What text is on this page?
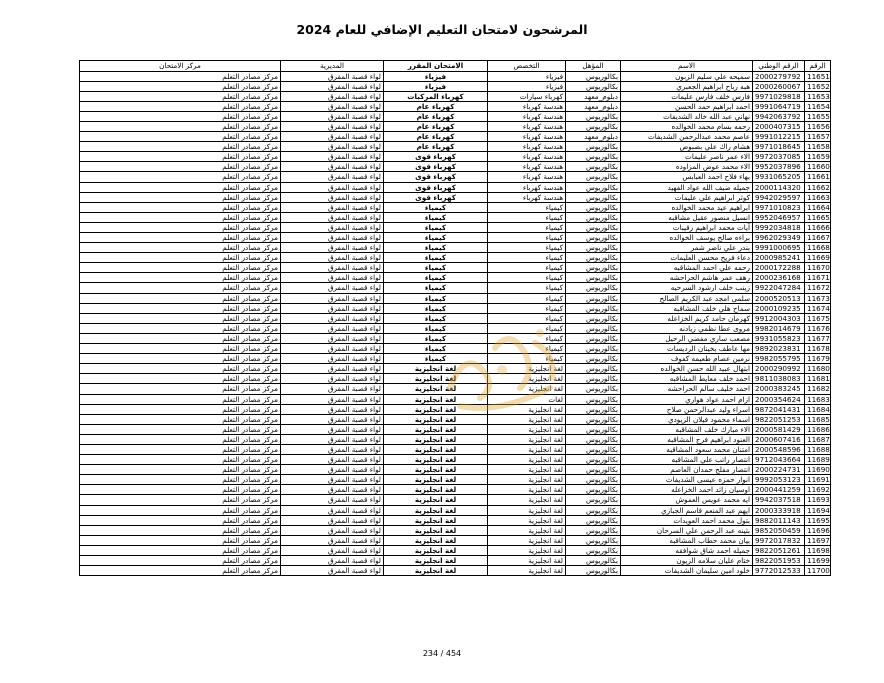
المرشحون لامتحان التعليم الإضافي للعام 2024
الرقم	الرقم الوطني	الاسم	المؤهل	التخصص	الامتحان المقرر	المديرية	مركز الامتحان
11651	2000279792	سميحه علي سليم الزبون	بكالوريوس	فيزياء	فيزياء	لواء قصبة المفرق	مركز مصادر التعلم
11652	2000260067	هبه رباح ابراهيم الجعبري	بكالوريوس	فيزياء	فيزياء	لواء قصبة المفرق	مركز مصادر التعلم
11653	9971029818	فارس خلف فارس عليمات	دبلوم_معهد	كهرباء سيارات	كهرباء المركبات	لواء قصبة المفرق	مركز مصادر التعلم
11654	9991064719	احمد ابراهيم حمد الحسن	دبلوم_معهد	هندسة كهرباء	كهرباء عام	لواء قصبة المفرق	مركز مصادر التعلم
11655	9942063792	نهاني عبد الله خالد الشديفات	بكالوريوس	هندسة كهرباء	كهرباء عام	لواء قصبة المفرق	مركز مصادر التعلم
11656	2000407315	رحمه بسام محمد الخوالده	بكالوريوس	هندسة كهرباء	كهرباء عام	لواء قصبة المفرق	مركز مصادر التعلم
11657	9991012215	عاصم محمد عبدالرحمن الشديفات	دبلوم_معهد	هندسة كهرباء	كهرباء عام	لواء قصبة المفرق	مركز مصادر التعلم
11658	9971018645	هشام راك علي بصبوص	بكالوريوس	هندسة كهرباء	كهرباء عام	لواء قصبة المفرق	مركز مصادر التعلم
11659	9972037085	الاء عمر ناصر عليمات	بكالوريوس	هندسة كهرباء	كهرباء قوى	لواء قصبة المفرق	مركز مصادر التعلم
11660	9952037896	الاء محمد عوض المزاوده	بكالوريوس	هندسة كهرباء	كهرباء قوى	لواء قصبة المفرق	مركز مصادر التعلم
11661	9931065205	بهاء فلاح احمد العبابس	بكالوريوس	هندسة كهرباء	كهرباء قوى	لواء قصبة المفرق	مركز مصادر التعلم
11662	2000114320	جميله ضيف الله عواد الفهيد	بكالوريوس	هندسة كهرباء	كهرباء قوى	لواء قصبة المفرق	مركز مصادر التعلم
11663	9942029597	كوثر ابراهيم علي عليمات	بكالوريوس	هندسة كهرباء	كهرباء قوى	لواء قصبة المفرق	مركز مصادر التعلم
11664	9971010823	ابراهيم عيد محمد الخوالده	بكالوريوس	كيمياء	كيمياء	لواء قصبة المفرق	مركز مصادر التعلم
11665	9952046957	انسيل منصور عقيل مشاقبه	بكالوريوس	كيمياء	كيمياء	لواء قصبة المفرق	مركز مصادر التعلم
11666	9992034818	آيات محمد ابراهيم رقيبات	بكالوريوس	كيمياء	كيمياء	لواء قصبة المفرق	مركز مصادر التعلم
11667	9962029349	براءه صالح يوسف الخوالده	بكالوريوس	كيمياء	كيمياء	لواء قصبة المفرق	مركز مصادر التعلم
11668	9991000695	بندر علي ناصر شمر	بكالوريوس	كيمياء	كيمياء	لواء قصبة المفرق	مركز مصادر التعلم
11669	2000985241	دعاء فريح محسن العليمات	بكالوريوس	كيمياء	كيمياء	لواء قصبة المفرق	مركز مصادر التعلم
11670	2000172288	رحمه علي احمد المشاقبه	بكالوريوس	كيمياء	كيمياء	لواء قصبة المفرق	مركز مصادر التعلم
11671	2000236168	رهف عمر هاشم الحراحشه	بكالوريوس	كيمياء	كيمياء	لواء قصبة المفرق	مركز مصادر التعلم
11672	9922047284	زينب خلف ارشود السرحيه	بكالوريوس	كيمياء	كيمياء	لواء قصبة المفرق	مركز مصادر التعلم
11673	2000520513	سلمى امجد عبد الكريم الصالح	بكالوريوس	كيمياء	كيمياء	لواء قصبة المفرق	مركز مصادر التعلم
11674	2000109235	سماح هلي خلف المشاقبه	بكالوريوس	كيمياء	كيمياء	لواء قصبة المفرق	مركز مصادر التعلم
11675	9912004303	كهرمان حامد كريم الخزاعله	بكالوريوس	كيمياء	كيمياء	لواء قصبة المفرق	مركز مصادر التعلم
11676	9982014679	مروى عطا نظمي زيادنه	بكالوريوس	كيمياء	كيمياء	لواء قصبة المفرق	مركز مصادر التعلم
11677	9931055823	مصعب ساري مفضي الرحيل	بكالوريوس	كيمياء	كيمياء	لواء قصبة المفرق	مركز مصادر التعلم
11678	9892023831	مها عاطف بخيتان الرديسات	بكالوريوس	كيمياء	كيمياء	لواء قصبة المفرق	مركز مصادر التعلم
11679	9982055795	نرمين عصام طعيمه كفوف	بكالوريوس	كيمياء	كيمياء	لواء قصبة المفرق	مركز مصادر التعلم
11680	2000290992	ابتهال عبيد الله حسن الخوالده	بكالوريوس	لغة انجليزية	لغة انجليزية	لواء قصبة المفرق	مركز مصادر التعلم
11681	9811038083	احمد خلف معايط المشاقبه	بكالوريوس	لغة انجليزية	لغة انجليزية	لواء قصبة المفرق	مركز مصادر التعلم
11682	2000383245	احمد خليف سالم الحراحشه	بكالوريوس	لغة انجليزية	لغة انجليزية	لواء قصبة المفرق	مركز مصادر التعلم
11683	2000354624	ازام احمد عواد هواري	بكالوريوس	لغات	لغة انجليزية	لواء قصبة المفرق	مركز مصادر التعلم
11684	9872041431	اسراء وليد عبدالرحمن صلاح	بكالوريوس	لغة انجليزية	لغة انجليزية	لواء قصبة المفرق	مركز مصادر التعلم
11685	9822051253	اسماء محمود فيلان الزيودي	بكالوريوس	لغة انجليزية	لغة انجليزية	لواء قصبة المفرق	مركز مصادر التعلم
11686	2000581429	الاء مبارك خلف المشاقبه	بكالوريوس	لغة انجليزية	لغة انجليزية	لواء قصبة المفرق	مركز مصادر التعلم
11687	2000607416	العنود ابراهيم فرج المشاقبه	بكالوريوس	لغة انجليزية	لغة انجليزية	لواء قصبة المفرق	مركز مصادر التعلم
11688	2000548596	امتنان محمد سعود المشاقبه	بكالوريوس	لغة انجليزية	لغة انجليزية	لواء قصبة المفرق	مركز مصادر التعلم
11689	9712043664	انتصار راتب علي المشاقبه	بكالوريوس	لغة انجليزية	لغة انجليزية	لواء قصبة المفرق	مركز مصادر التعلم
11690	2000224731	انتصار مفلح حمدان العاصم	بكالوريوس	لغة انجليزية	لغة انجليزية	لواء قصبة المفرق	مركز مصادر التعلم
11691	9992053123	انوار حمزه عيسى الشديفات	بكالوريوس	لغة انجليزية	لغة انجليزية	لواء قصبة المفرق	مركز مصادر التعلم
11692	2000441259	اوسيان زائد احمد الخزاعله	بكالوريوس	لغة انجليزية	لغة انجليزية	لواء قصبة المفرق	مركز مصادر التعلم
11693	9942037518	ايه محمد عويس العموش	بكالوريوس	لغة انجليزية	لغة انجليزية	لواء قصبة المفرق	مركز مصادر التعلم
11694	2000333918	ايهم عبد المنعم قاسم الجبازي	بكالوريوس	لغة انجليزية	لغة انجليزية	لواء قصبة المفرق	مركز مصادر التعلم
11695	9882011143	بتول محمد احمد العويدات	بكالوريوس	لغة انجليزية	لغة انجليزية	لواء قصبة المفرق	مركز مصادر التعلم
11696	9852050459	بثينه عبد الرحمن علي السرحان	بكالوريوس	لغة انجليزية	لغة انجليزية	لواء قصبة المفرق	مركز مصادر التعلم
11697	9972017832	بيان محمد حطاب المشاقبه	بكالوريوس	لغة انجليزية	لغة انجليزية	لواء قصبة المفرق	مركز مصادر التعلم
11698	9822051261	جميله احمد شاق شوافقه	بكالوريوس	لغة انجليزية	لغة انجليزية	لواء قصبة المفرق	مركز مصادر التعلم
11699	9822051953	ختام عليان سلامه الزيون	بكالوريوس	لغة انجليزية	لغة انجليزية	لواء قصبة المفرق	مركز مصادر التعلم
11700	9772012533	خلود امين سليمان الشديفات	بكالوريوس	لغة انجليزية	لغة انجليزية	لواء قصبة المفرق	مركز مصادر التعلم
234 / 454
